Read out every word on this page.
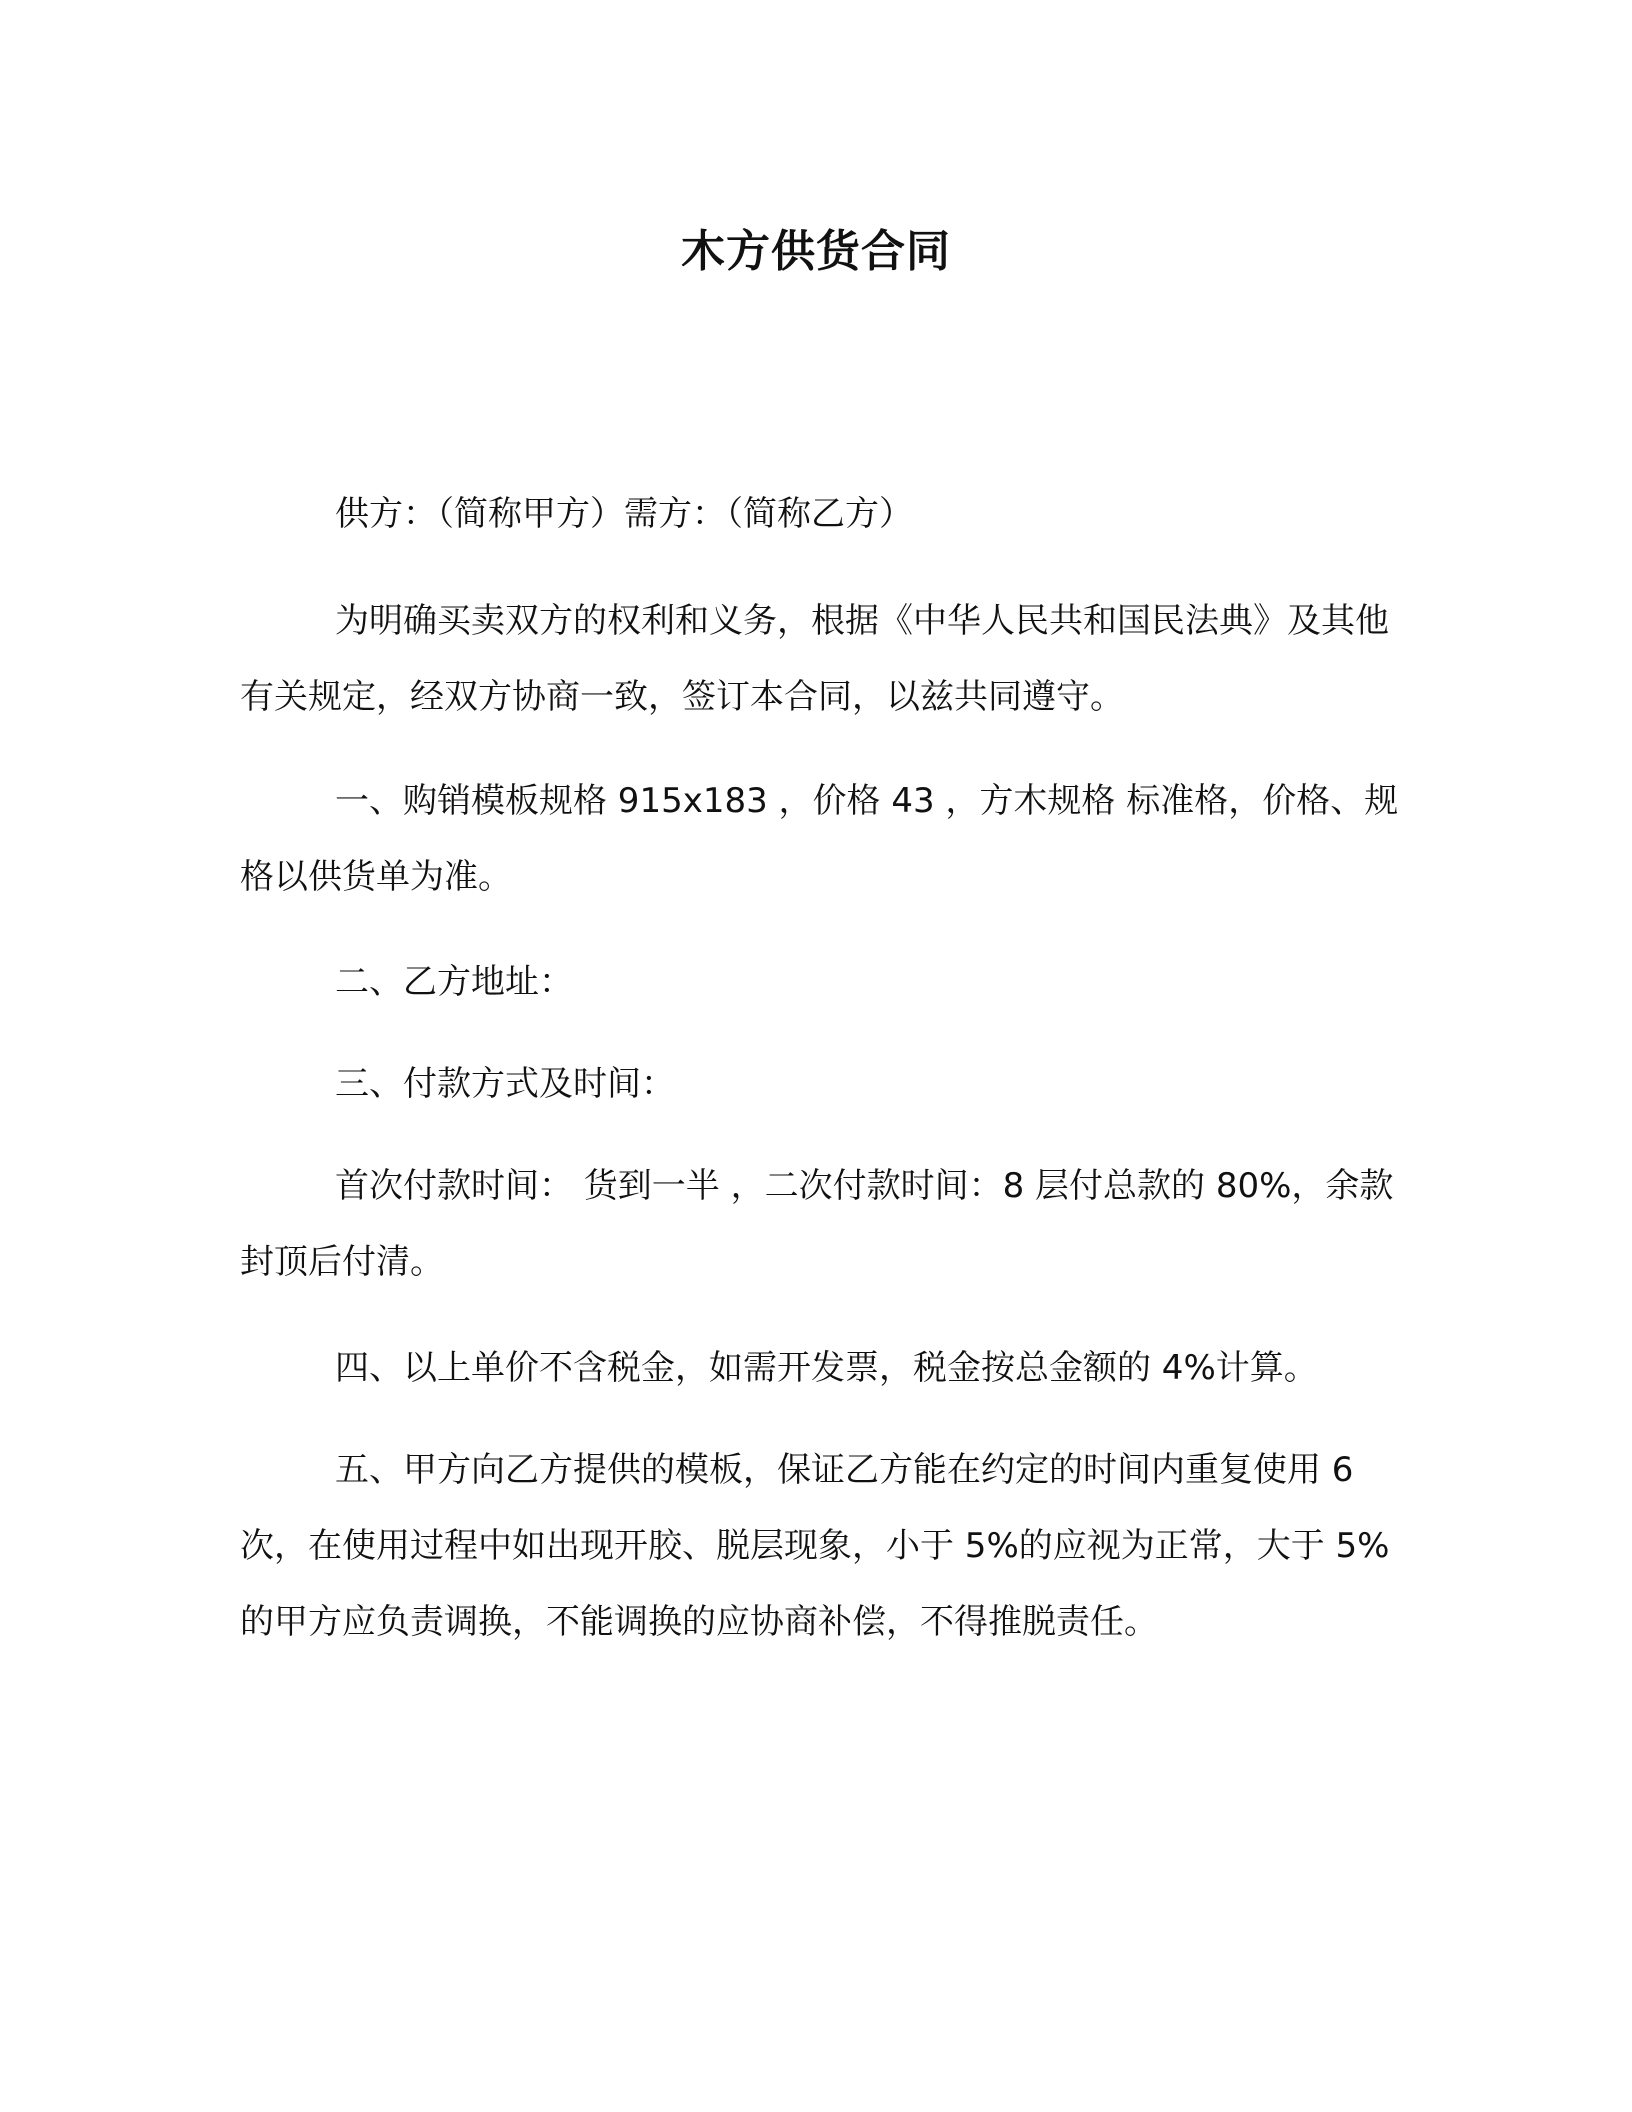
木方供货合同

供方：（简称甲方）需方：（简称乙方）

为明确买卖双方的权利和义务，根据《中华人民共和国民法典》及其他有关规定，经双方协商一致，签订本合同，以兹共同遵守。

一、购销模板规格 915x183 ，价格 43 ，方木规格 标准格，价格、规格以供货单为准。

二、乙方地址：

三、付款方式及时间：

首次付款时间： 货到一半 ，二次付款时间：8 层付总款的 80%，余款封顶后付清。

四、以上单价不含税金，如需开发票，税金按总金额的 4%计算。

五、甲方向乙方提供的模板，保证乙方能在约定的时间内重复使用 6 次，在使用过程中如出现开胶、脱层现象，小于 5%的应视为正常，大于 5%的甲方应负责调换，不能调换的应协商补偿，不得推脱责任。
